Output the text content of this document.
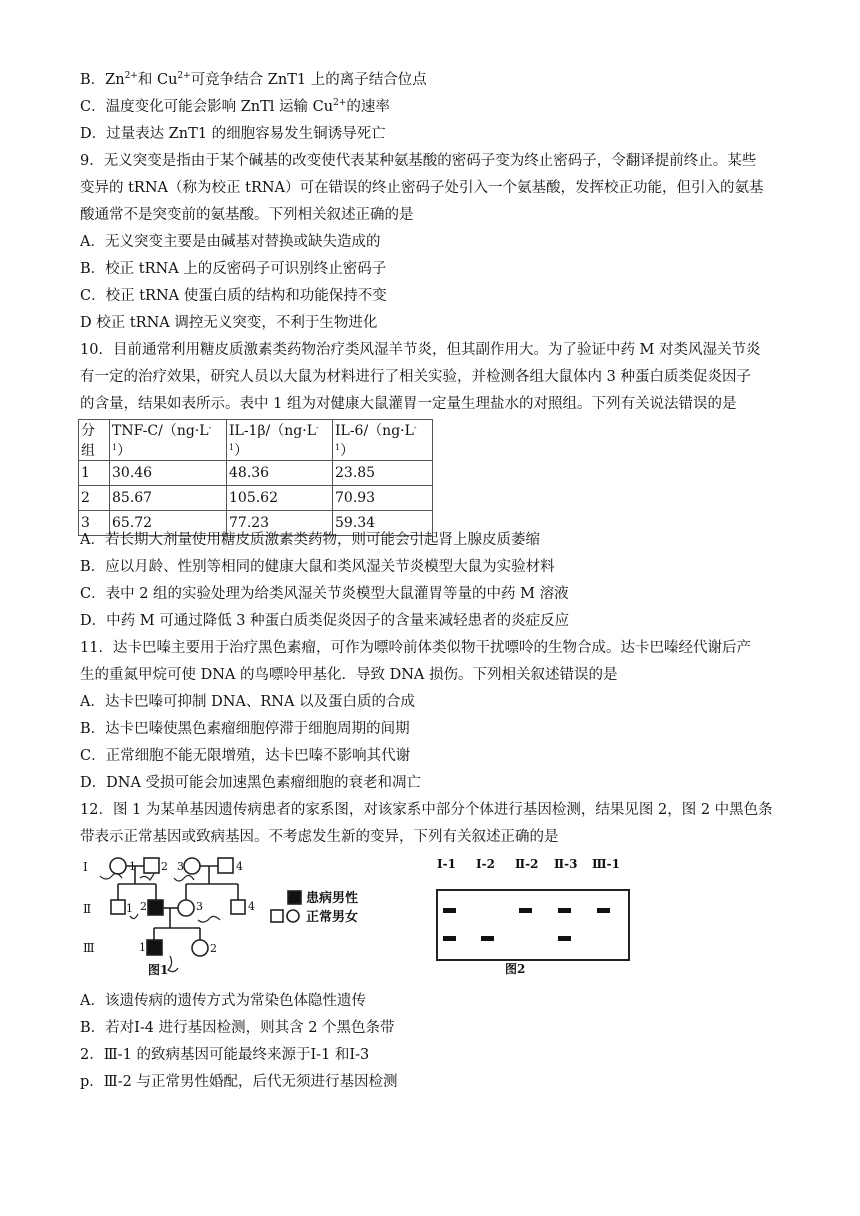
B．$Zn^{2+}$和 $Cu^{2+}$可竞争结合 ZnT1 上的离子结合位点
C．温度变化可能会影响 ZnTl 运输 $Cu^{2+}$的速率
D．过量表达 ZnT1 的细胞容易发生铜诱导死亡
9．无义突变是指由于某个碱基的改变使代表某种氨基酸的密码子变为终止密码子，令翻译提前终止。某些
变异的 tRNA（称为校正 tRNA）可在错误的终止密码子处引入一个氨基酸，发挥校正功能，但引入的氨基
酸通常不是突变前的氨基酸。下列相关叙述正确的是
A．无义突变主要是由碱基对替换或缺失造成的
B．校正 tRNA 上的反密码子可识别终止密码子
C．校正 tRNA 使蛋白质的结构和功能保持不变
D 校正 tRNA 调控无义突变，不利于生物进化
10．目前通常利用糖皮质激素类药物治疗类风湿羊节炎，但其副作用大。为了验证中药 M 对类风湿关节炎
有一定的治疗效果，研究人员以大鼠为材料进行了相关实验，并检测各组大鼠体内 3 种蛋白质类促炎因子
的含量，结果如表所示。表中 1 组为对健康大鼠灌胃一定量生理盐水的对照组。下列有关说法错误的是
分组	TNF-$C/(ng\cdot L^{-1})$	$IL-1\beta/(ng\cdot L^{-1})$	$IL-6/(ng\cdot L^{-1})$
1	30.46	48.36	23.85
2	85.67	105.62	70.93
3	65.72	77.23	59.34
A．若长期大剂量使用糖皮质激素类药物，则可能会引起肾上腺皮质萎缩
B．应以月龄、性别等相同的健康大鼠和类风湿关节炎模型大鼠为实验材料
C．表中 2 组的实验处理为给类风湿关节炎模型大鼠灌胃等量的中药 M 溶液
D．中药 M 可通过降低 3 种蛋白质类促炎因子的含量来减轻患者的炎症反应
11．达卡巴嗪主要用于治疗黑色素瘤，可作为嘌呤前体类似物干扰嘌呤的生物合成。达卡巴嗪经代谢后产
生的重氮甲烷可使 DNA 的鸟嘌呤甲基化．导致 DNA 损伤。下列相关叙述错误的是
A．达卡巴嗪可抑制 DNA、RNA 以及蛋白质的合成
B．达卡巴嗪使黑色素瘤细胞停滞于细胞周期的间期
C．正常细胞不能无限增殖，达卡巴嗪不影响其代谢
D．DNA 受损可能会加速黑色素瘤细胞的衰老和凋亡
12．图 1 为某单基因遗传病患者的家系图，对该家系中部分个体进行基因检测，结果见图 2，图 2 中黑色条
带表示正常基因或致病基因。不考虑发生新的变异，下列有关叙述正确的是
Ⅰ
Ⅱ
Ⅲ
1 2 3	4
2	3	4
1
1	2
患病男性
正常男女
图1
Ⅰ-1 Ⅰ-2 Ⅱ-2 Ⅱ-3 Ⅲ-1
图2
A．该遗传病的遗传方式为常染色体隐性遗传
B．若对Ⅰ-4 进行基因检测，则其含 2 个黑色条带
2．Ⅲ-1 的致病基因可能最终来源于Ⅰ-1 和Ⅰ-3
p．Ⅲ-2 与正常男性婚配，后代无须进行基因检测
